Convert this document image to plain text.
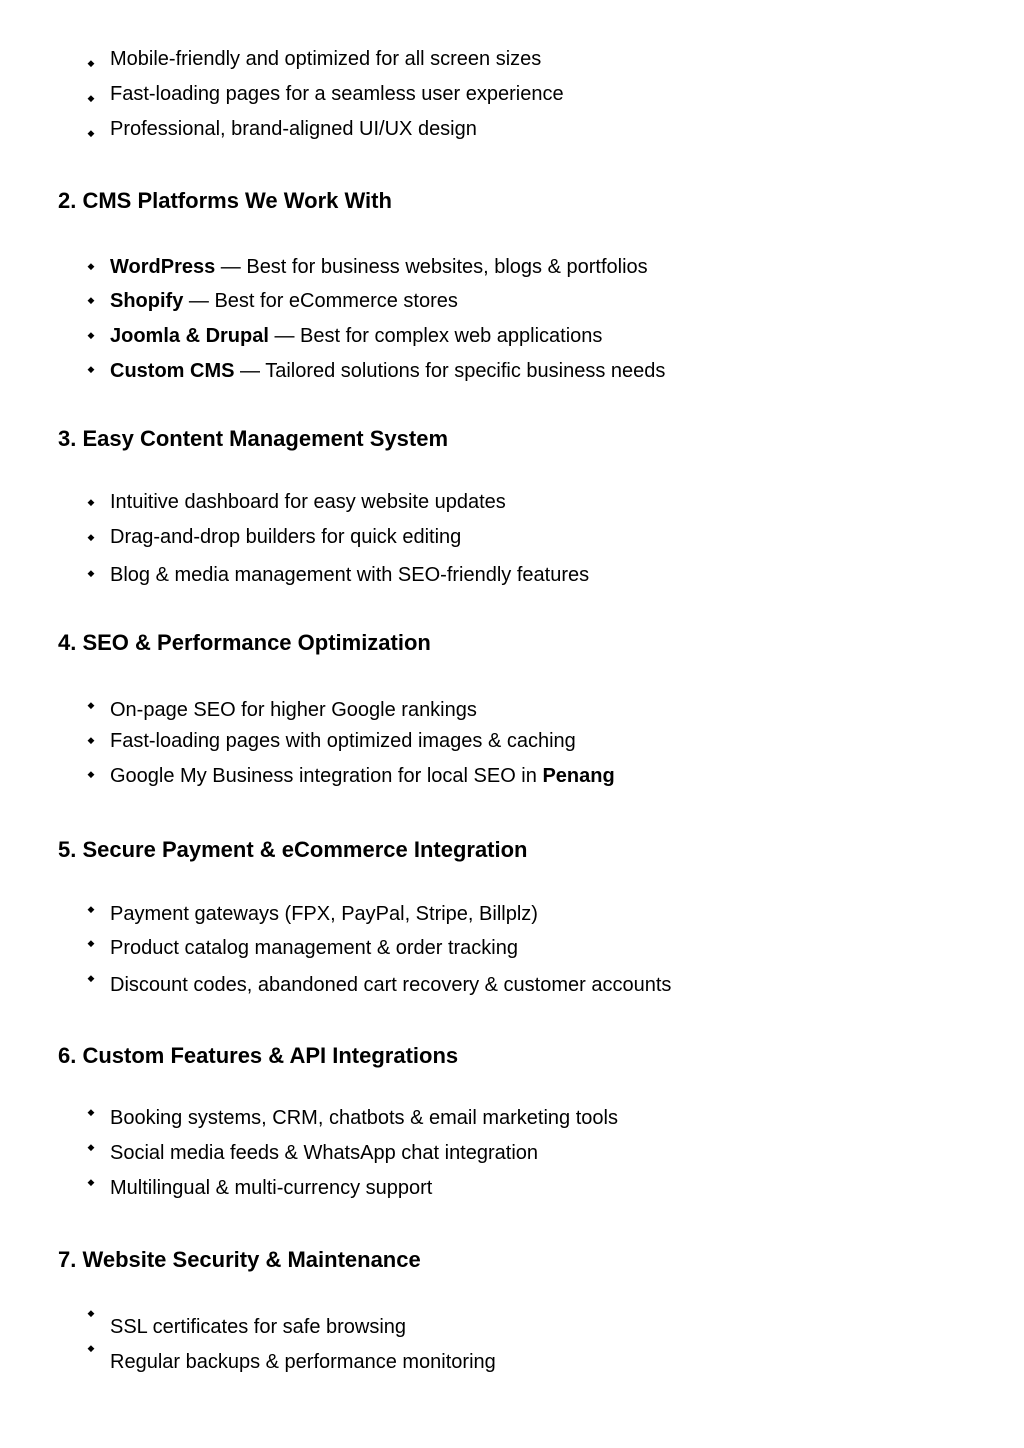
◆ Mobile-friendly and optimized for all screen sizes
◆ Fast-loading pages for a seamless user experience
◆ Professional, brand-aligned UI/UX design
2. CMS Platforms We Work With
◆ WordPress — Best for business websites, blogs & portfolios
◆ Shopify — Best for eCommerce stores
◆ Joomla & Drupal — Best for complex web applications
◆ Custom CMS — Tailored solutions for specific business needs
3. Easy Content Management System
◆ Intuitive dashboard for easy website updates
◆ Drag-and-drop builders for quick editing
◆ Blog & media management with SEO-friendly features
4. SEO & Performance Optimization
◆ On-page SEO for higher Google rankings
◆ Fast-loading pages with optimized images & caching
◆ Google My Business integration for local SEO in Penang
5. Secure Payment & eCommerce Integration
◆ Payment gateways (FPX, PayPal, Stripe, Billplz)
◆ Product catalog management & order tracking
◆ Discount codes, abandoned cart recovery & customer accounts
6. Custom Features & API Integrations
◆ Booking systems, CRM, chatbots & email marketing tools
◆ Social media feeds & WhatsApp chat integration
◆ Multilingual & multi-currency support
7. Website Security & Maintenance
◆
SSL certificates for safe browsing
◆
Regular backups & performance monitoring
